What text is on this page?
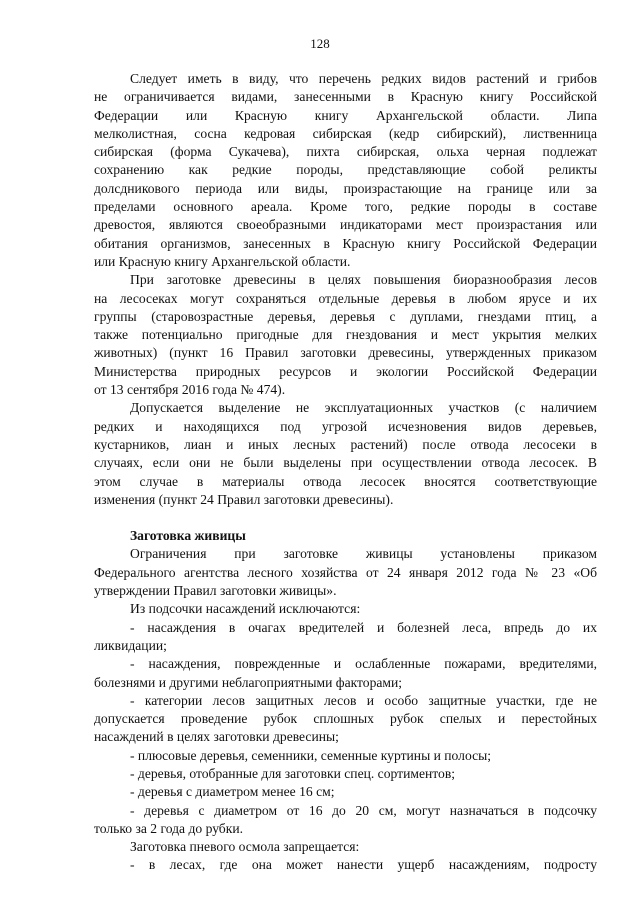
128
Следует иметь в виду, что перечень редких видов растений и грибов
не ограничивается видами, занесенными в Красную книгу Российской
Федерации или Красную книгу Архангельской области. Липа
мелколистная, сосна кедровая сибирская (кедр сибирский), лиственница
сибирская (форма Сукачева), пихта сибирская, ольха черная подлежат
сохранению как редкие породы, представляющие собой реликты
долсдникового периода или виды, произрастающие на границе или за
пределами основного ареала. Кроме того, редкие породы в составе
древостоя, являются своеобразными индикаторами мест произрастания или
обитания организмов, занесенных в Красную книгу Российской Федерации
или Красную книгу Архангельской области.
При заготовке древесины в целях повышения биоразнообразия лесов
на лесосеках могут сохраняться отдельные деревья в любом ярусе и их
группы (старовозрастные деревья, деревья с дуплами, гнездами птиц, а
также потенциально пригодные для гнездования и мест укрытия мелких
животных) (пункт 16 Правил заготовки древесины, утвержденных приказом
Министерства природных ресурсов и экологии Российской Федерации
от 13 сентября 2016 года № 474).
Допускается выделение не эксплуатационных участков (с наличием
редких и находящихся под угрозой исчезновения видов деревьев,
кустарников, лиан и иных лесных растений) после отвода лесосеки в
случаях, если они не были выделены при осуществлении отвода лесосек. В
этом случае в материалы отвода лесосек вносятся соответствующие
изменения (пункт 24 Правил заготовки древесины).
Заготовка живицы
Ограничения при заготовке живицы установлены приказом
Федерального агентства лесного хозяйства от 24 января 2012 года № 23 «Об
утверждении Правил заготовки живицы».
Из подсочки насаждений исключаются:
- насаждения в очагах вредителей и болезней леса, впредь до их
ликвидации;
- насаждения, поврежденные и ослабленные пожарами, вредителями,
болезнями и другими неблагоприятными факторами;
- категории лесов защитных лесов и особо защитные участки, где не
допускается проведение рубок сплошных рубок спелых и перестойных
насаждений в целях заготовки древесины;
- плюсовые деревья, семенники, семенные куртины и полосы;
- деревья, отобранные для заготовки спец. сортиментов;
- деревья с диаметром менее 16 см;
- деревья с диаметром от 16 до 20 см, могут назначаться в подсочку
только за 2 года до рубки.
Заготовка пневого осмола запрещается:
- в лесах, где она может нанести ущерб насаждениям, подросту
